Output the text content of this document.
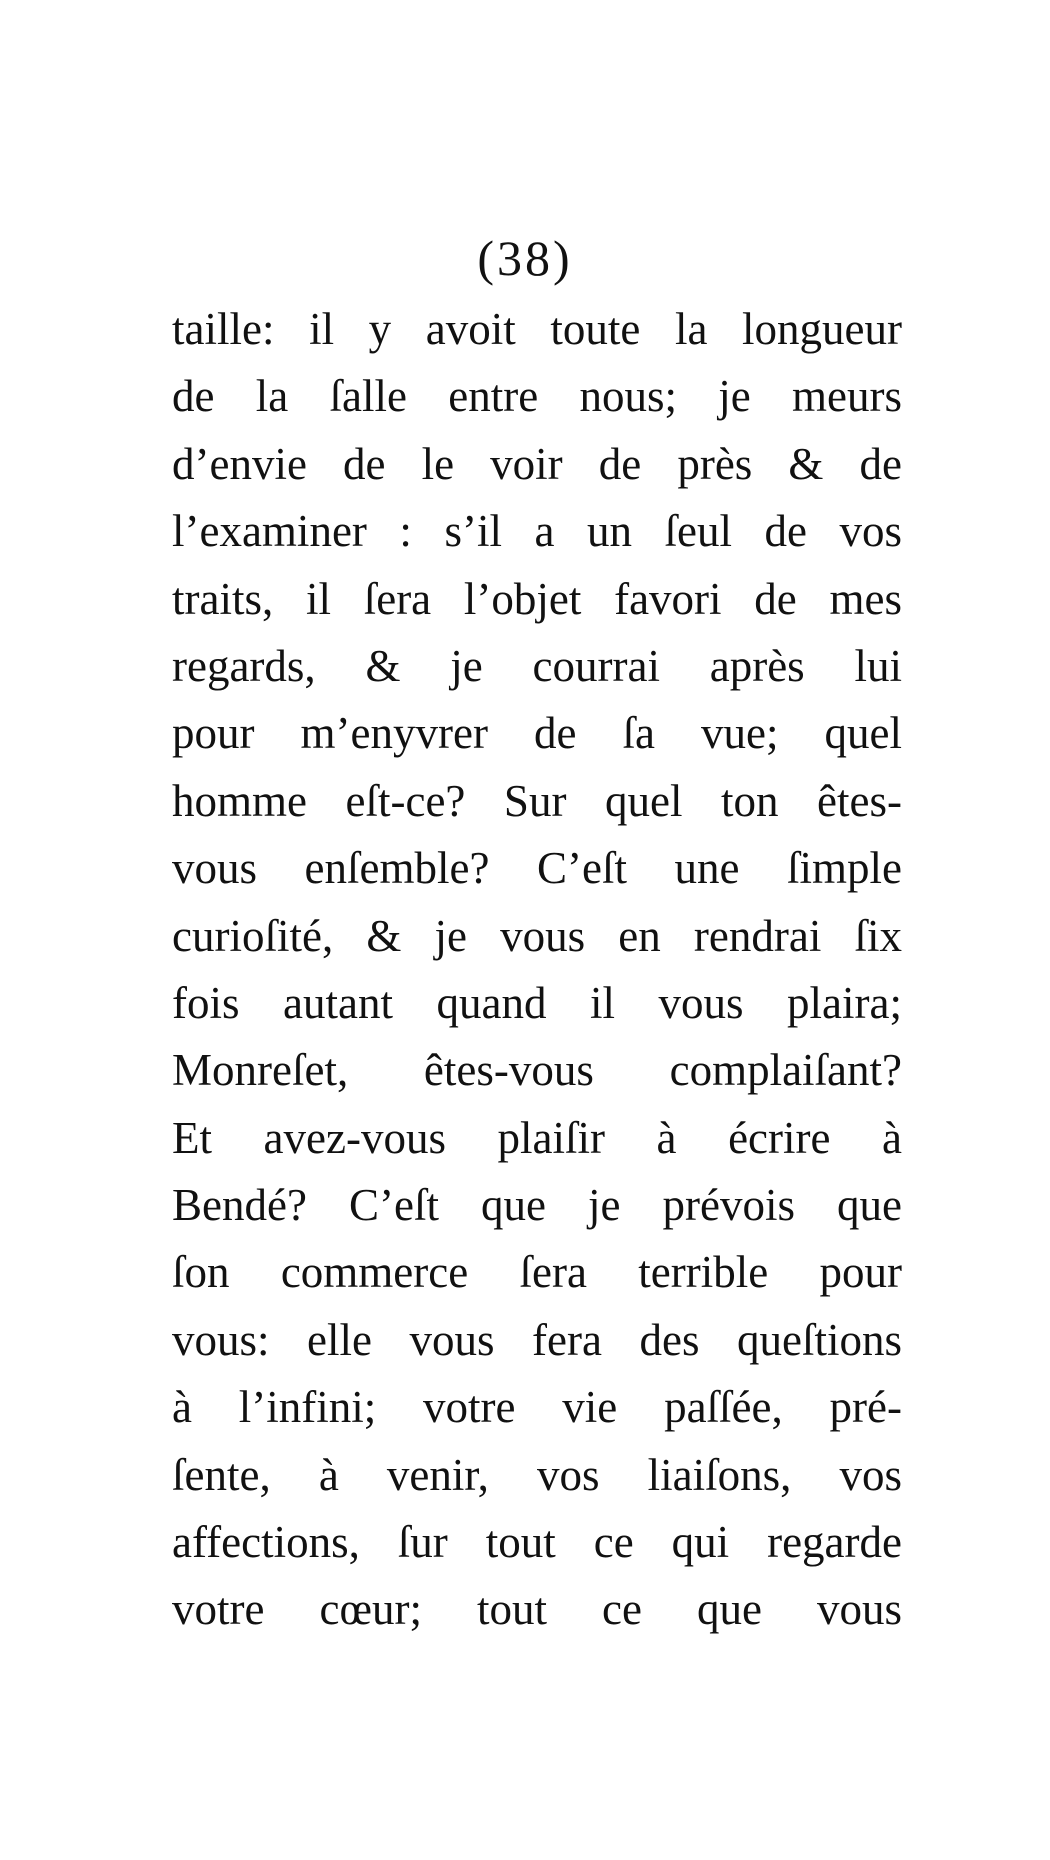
(38)
taille: il y avoit toute la longueur
de la ſalle entre nous; je meurs
d’envie de le voir de près & de
l’examiner : s’il a un ſeul de vos
traits, il ſera l’objet favori de mes
regards, & je courrai après lui
pour m’enyvrer de ſa vue; quel
homme eſt-ce? Sur quel ton êtes-
vous enſemble? C’eſt une ſimple
curioſité, & je vous en rendrai ſix
fois autant quand il vous plaira;
Monreſet, êtes-vous complaiſant?
Et avez-vous plaiſir à écrire à
Bendé? C’eſt que je prévois que
ſon commerce ſera terrible pour
vous: elle vous fera des queſtions
à l’infini; votre vie paſſée, pré-
ſente, à venir, vos liaiſons, vos
affections, ſur tout ce qui regarde
votre cœur; tout ce que vous
